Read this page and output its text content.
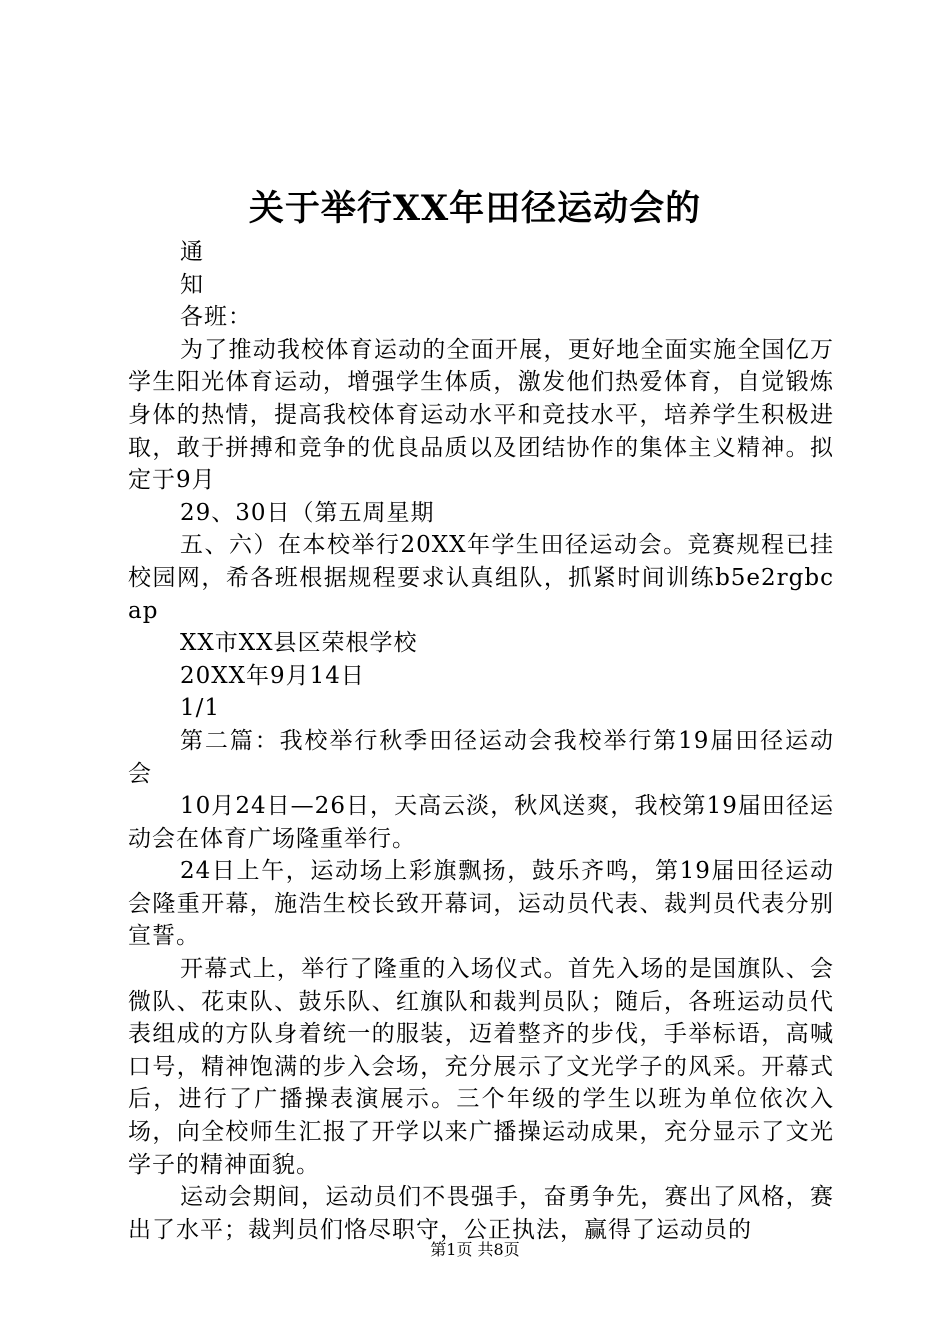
关于举行XX年田径运动会的

通

知

各班：

为了推动我校体育运动的全面开展，更好地全面实施全国亿万学生阳光体育运动，增强学生体质，激发他们热爱体育，自觉锻炼身体的热情，提高我校体育运动水平和竞技水平，培养学生积极进取，敢于拼搏和竞争的优良品质以及团结协作的集体主义精神。拟定于9月

29、30日（第五周星期

五、六）在本校举行20XX年学生田径运动会。竞赛规程已挂校园网，希各班根据规程要求认真组队，抓紧时间训练b5e2rgbcap

XX市XX县区荣根学校

20XX年9月14日

1/1

第二篇：我校举行秋季田径运动会我校举行第19届田径运动会

10月24日—26日，天高云淡，秋风送爽，我校第19届田径运动会在体育广场隆重举行。

24日上午，运动场上彩旗飘扬，鼓乐齐鸣，第19届田径运动会隆重开幕，施浩生校长致开幕词，运动员代表、裁判员代表分别宣誓。

开幕式上，举行了隆重的入场仪式。首先入场的是国旗队、会微队、花束队、鼓乐队、红旗队和裁判员队；随后，各班运动员代表组成的方队身着统一的服装，迈着整齐的步伐，手举标语，高喊口号，精神饱满的步入会场，充分展示了文光学子的风采。开幕式后，进行了广播操表演展示。三个年级的学生以班为单位依次入场，向全校师生汇报了开学以来广播操运动成果，充分显示了文光学子的精神面貌。

运动会期间，运动员们不畏强手，奋勇争先，赛出了风格，赛出了水平；裁判员们恪尽职守，公正执法，赢得了运动员的

第1页 共8页
